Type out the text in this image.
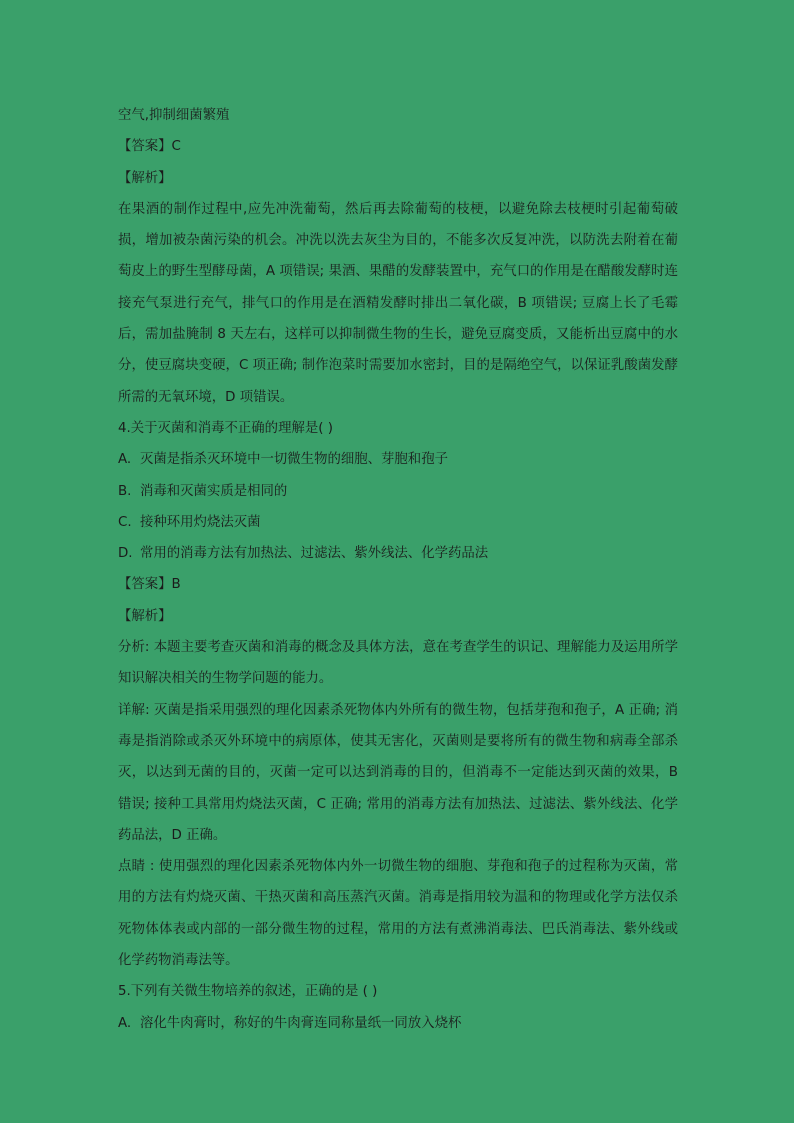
空气,抑制细菌繁殖
【答案】C
【解析】
在果酒的制作过程中,应先冲洗葡萄，然后再去除葡萄的枝梗，以避免除去枝梗时引起葡萄破损，增加被杂菌污染的机会。冲洗以洗去灰尘为目的，不能多次反复冲洗，以防洗去附着在葡萄皮上的野生型酵母菌，A 项错误; 果酒、果醋的发酵装置中，充气口的作用是在醋酸发酵时连接充气泵进行充气，排气口的作用是在酒精发酵时排出二氧化碳，B 项错误; 豆腐上长了毛霉后，需加盐腌制 8 天左右，这样可以抑制微生物的生长，避免豆腐变质，又能析出豆腐中的水分，使豆腐块变硬，C 项正确; 制作泡菜时需要加水密封，目的是隔绝空气，以保证乳酸菌发酵所需的无氧环境，D 项错误。
4.关于灭菌和消毒不正确的理解是( )
A. 灭菌是指杀灭环境中一切微生物的细胞、芽胞和孢子
B. 消毒和灭菌实质是相同的
C. 接种环用灼烧法灭菌
D. 常用的消毒方法有加热法、过滤法、紫外线法、化学药品法
【答案】B
【解析】
分析: 本题主要考查灭菌和消毒的概念及具体方法，意在考查学生的识记、理解能力及运用所学知识解决相关的生物学问题的能力。
详解: 灭菌是指采用强烈的理化因素杀死物体内外所有的微生物，包括芽孢和孢子，A 正确; 消毒是指消除或杀灭外环境中的病原体，使其无害化，灭菌则是要将所有的微生物和病毒全部杀灭，以达到无菌的目的，灭菌一定可以达到消毒的目的，但消毒不一定能达到灭菌的效果，B 错误; 接种工具常用灼烧法灭菌，C 正确; 常用的消毒方法有加热法、过滤法、紫外线法、化学药品法，D 正确。
点睛 : 使用强烈的理化因素杀死物体内外一切微生物的细胞、芽孢和孢子的过程称为灭菌，常用的方法有灼烧灭菌、干热灭菌和高压蒸汽灭菌。消毒是指用较为温和的物理或化学方法仅杀死物体体表或内部的一部分微生物的过程，常用的方法有煮沸消毒法、巴氏消毒法、紫外线或化学药物消毒法等。
5.下列有关微生物培养的叙述，正确的是 ( )
A. 溶化牛肉膏时，称好的牛肉膏连同称量纸一同放入烧杯
